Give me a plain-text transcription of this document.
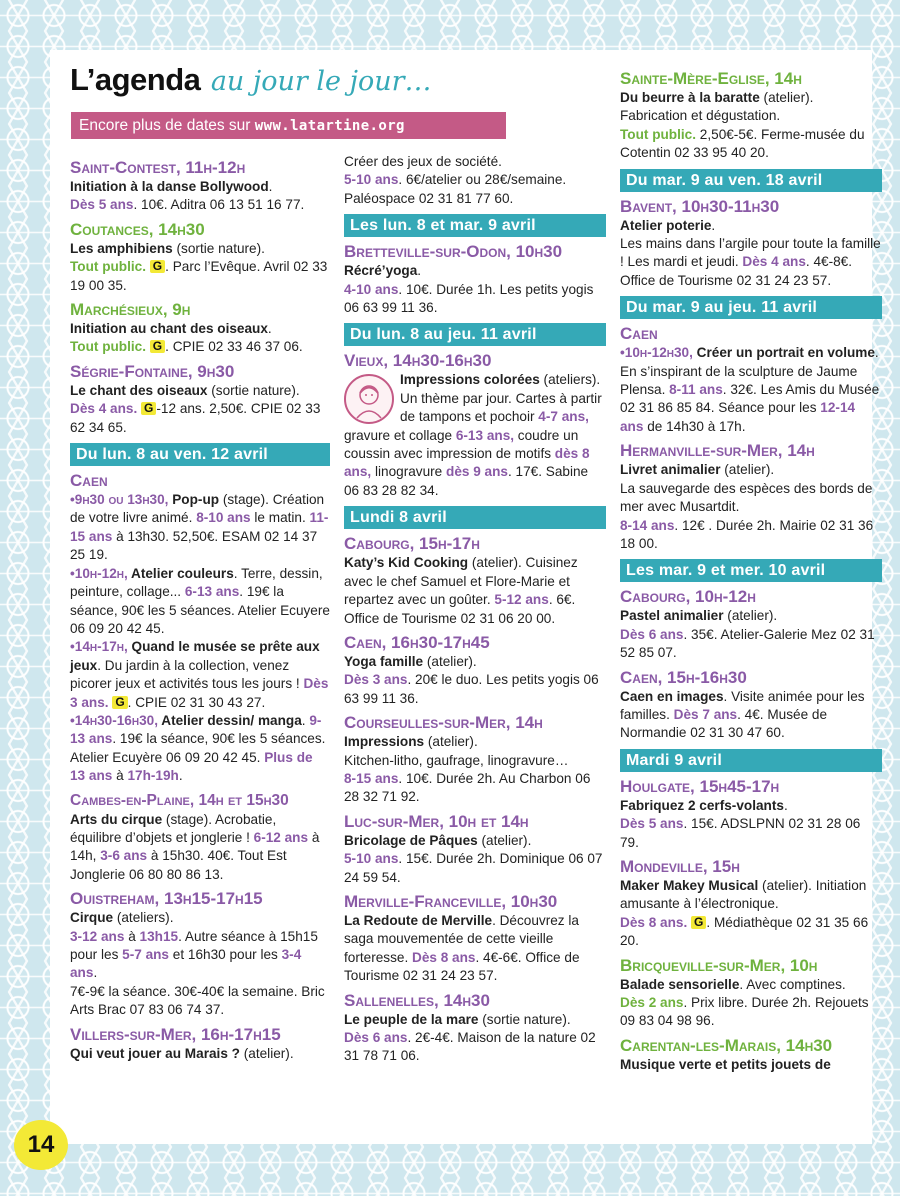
L’agenda au jour le jour…
Encore plus de dates sur www.latartine.org
Saint-Contest, 11h-12h
Initiation à la danse Bollywood.
Dès 5 ans. 10€. Aditra 06 13 51 16 77.
Coutances, 14h30
Les amphibiens (sortie nature).
Tout public. G . Parc l’Evêque. Avril 02 33 19 00 35.
Marchésieux, 9h
Initiation au chant des oiseaux.
Tout public. G . CPIE 02 33 46 37 06.
Ségrie-Fontaine, 9h30
Le chant des oiseaux (sortie nature).
Dès 4 ans. G -12 ans. 2,50€. CPIE 02 33 62 34 65.
Du lun. 8 au ven. 12 avril
Caen
•9h30 ou 13h30, Pop-up (stage). Création de votre livre animé. 8-10 ans le matin. 11-15 ans à 13h30. 52,50€. ESAM 02 14 37 25 19.
•10h-12h, Atelier couleurs. Terre, dessin, peinture, collage... 6-13 ans. 19€ la séance, 90€ les 5 séances. Atelier Ecuyere 06 09 20 42 45.
•14h-17h, Quand le musée se prête aux jeux. Du jardin à la collection, venez picorer jeux et activités tous les jours ! Dès 3 ans. G . CPIE 02 31 30 43 27.
•14h30-16h30, Atelier dessin/ manga. 9-13 ans. 19€ la séance, 90€ les 5 séances. Atelier Ecuyère 06 09 20 42 45. Plus de 13 ans à 17h-19h.
Cambes-en-Plaine, 14h et 15h30
Arts du cirque (stage). Acrobatie, équilibre d’objets et jonglerie ! 6-12 ans à 14h, 3-6 ans à 15h30. 40€. Tout Est Jonglerie 06 80 80 86 13.
Ouistreham, 13h15-17h15
Cirque (ateliers).
3-12 ans à 13h15. Autre séance à 15h15 pour les 5-7 ans et 16h30 pour les 3-4 ans.
7€-9€ la séance. 30€-40€ la semaine. Bric Arts Brac 07 83 06 74 37.
Villers-sur-Mer, 16h-17h15
Qui veut jouer au Marais ? (atelier).
Créer des jeux de société.
5-10 ans. 6€/atelier ou 28€/semaine. Paléospace 02 31 81 77 60.
Les lun. 8 et mar. 9 avril
Bretteville-sur-Odon, 10h30
Récré’yoga.
4-10 ans. 10€. Durée 1h. Les petits yogis 06 63 99 11 36.
Du lun. 8 au jeu. 11 avril
Vieux, 14h30-16h30
Impressions colorées (ateliers). Un thème par jour. Cartes à partir de tampons et pochoir 4-7 ans, gravure et collage 6-13 ans, coudre un coussin avec impression de motifs dès 8 ans, linogravure dès 9 ans. 17€. Sabine 06 83 28 82 34.
Lundi 8 avril
Cabourg, 15h-17h
Katy’s Kid Cooking (atelier). Cuisinez avec le chef Samuel et Flore-Marie et repartez avec un goûter. 5-12 ans. 6€. Office de Tourisme 02 31 06 20 00.
Caen, 16h30-17h45
Yoga famille (atelier).
Dès 3 ans. 20€ le duo. Les petits yogis 06 63 99 11 36.
Courseulles-sur-Mer, 14h
Impressions (atelier).
Kitchen-litho, gaufrage, linogravure…
8-15 ans. 10€. Durée 2h. Au Charbon 06 28 32 71 92.
Luc-sur-Mer, 10h et 14h
Bricolage de Pâques (atelier).
5-10 ans. 15€. Durée 2h. Dominique 06 07 24 59 54.
Merville-Franceville, 10h30
La Redoute de Merville. Découvrez la saga mouvementée de cette vieille forteresse. Dès 8 ans. 4€-6€. Office de Tourisme 02 31 24 23 57.
Sallenelles, 14h30
Le peuple de la mare (sortie nature).
Dès 6 ans. 2€-4€. Maison de la nature 02 31 78 71 06.
Sainte-Mère-Eglise, 14h
Du beurre à la baratte (atelier). Fabrication et dégustation.
Tout public. 2,50€-5€. Ferme-musée du Cotentin 02 33 95 40 20.
Du mar. 9 au ven. 18 avril
Bavent, 10h30-11h30
Atelier poterie.
Les mains dans l’argile pour toute la famille ! Les mardi et jeudi. Dès 4 ans. 4€-8€. Office de Tourisme 02 31 24 23 57.
Du mar. 9 au jeu. 11 avril
Caen
•10h-12h30, Créer un portrait en volume. En s’inspirant de la sculpture de Jaume Plensa. 8-11 ans. 32€. Les Amis du Musée 02 31 86 85 84. Séance pour les 12-14 ans de 14h30 à 17h.
Hermanville-sur-Mer, 14h
Livret animalier (atelier).
La sauvegarde des espèces des bords de mer avec Musartdit.
8-14 ans. 12€ . Durée 2h. Mairie 02 31 36 18 00.
Les mar. 9 et mer. 10 avril
Cabourg, 10h-12h
Pastel animalier (atelier).
Dès 6 ans. 35€. Atelier-Galerie Mez 02 31 52 85 07.
Caen, 15h-16h30
Caen en images. Visite animée pour les familles. Dès 7 ans. 4€. Musée de Normandie 02 31 30 47 60.
Mardi 9 avril
Houlgate, 15h45-17h
Fabriquez 2 cerfs-volants.
Dès 5 ans. 15€. ADSLPNN 02 31 28 06 79.
Mondeville, 15h
Maker Makey Musical (atelier). Initiation amusante à l’électronique.
Dès 8 ans. G . Médiathèque 02 31 35 66 20.
Bricqueville-sur-Mer, 10h
Balade sensorielle. Avec comptines.
Dès 2 ans. Prix libre. Durée 2h. Rejouets 09 83 04 98 96.
Carentan-les-Marais, 14h30
Musique verte et petits jouets de
14
